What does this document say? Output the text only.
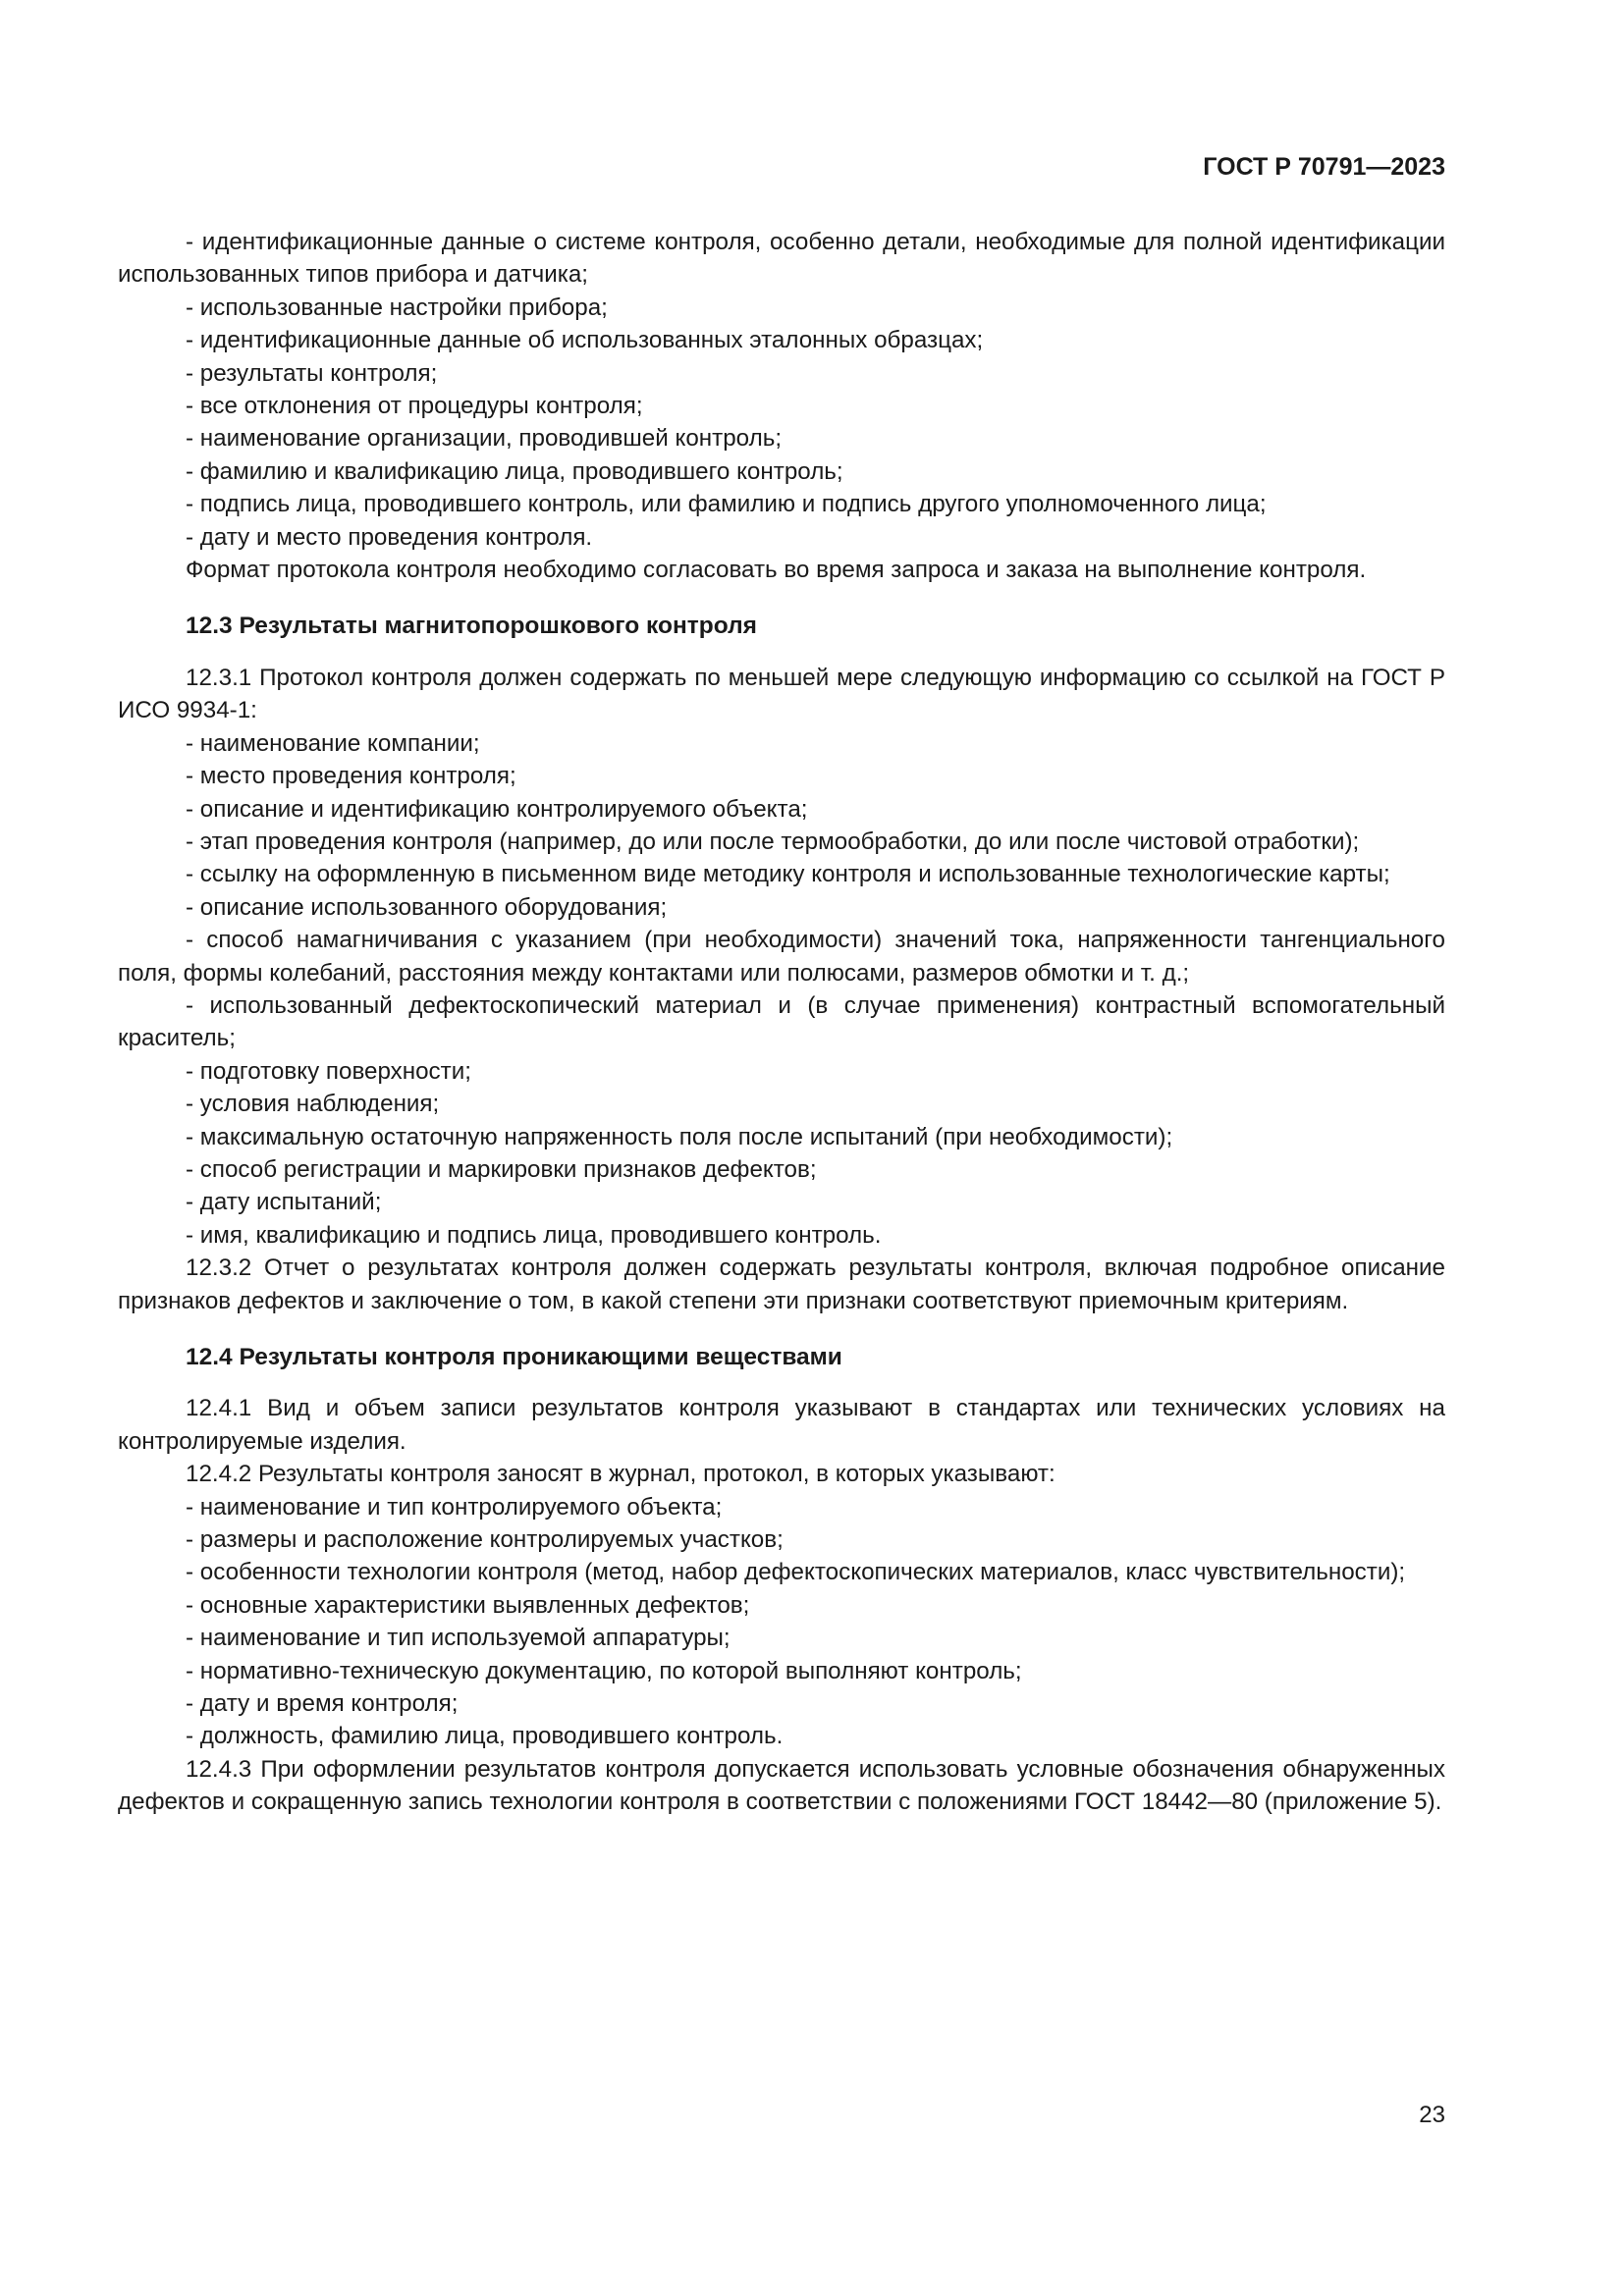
ГОСТ Р 70791—2023

- идентификационные данные о системе контроля, особенно детали, необходимые для полной идентификации использованных типов прибора и датчика;

- использованные настройки прибора;

- идентификационные данные об использованных эталонных образцах;

- результаты контроля;

- все отклонения от процедуры контроля;

- наименование организации, проводившей контроль;

- фамилию и квалификацию лица, проводившего контроль;

- подпись лица, проводившего контроль, или фамилию и подпись другого уполномоченного лица;

- дату и место проведения контроля.

Формат протокола контроля необходимо согласовать во время запроса и заказа на выполнение контроля.

12.3 Результаты магнитопорошкового контроля

12.3.1 Протокол контроля должен содержать по меньшей мере следующую информацию со ссылкой на ГОСТ Р ИСО 9934-1:

- наименование компании;

- место проведения контроля;

- описание и идентификацию контролируемого объекта;

- этап проведения контроля (например, до или после термообработки, до или после чистовой отработки);

- ссылку на оформленную в письменном виде методику контроля и использованные технологические карты;

- описание использованного оборудования;

- способ намагничивания с указанием (при необходимости) значений тока, напряженности тангенциального поля, формы колебаний, расстояния между контактами или полюсами, размеров обмотки и т. д.;

- использованный дефектоскопический материал и (в случае применения) контрастный вспомогательный краситель;

- подготовку поверхности;

- условия наблюдения;

- максимальную остаточную напряженность поля после испытаний (при необходимости);

- способ регистрации и маркировки признаков дефектов;

- дату испытаний;

- имя, квалификацию и подпись лица, проводившего контроль.

12.3.2 Отчет о результатах контроля должен содержать результаты контроля, включая подробное описание признаков дефектов и заключение о том, в какой степени эти признаки соответствуют приемочным критериям.

12.4 Результаты контроля проникающими веществами

12.4.1 Вид и объем записи результатов контроля указывают в стандартах или технических условиях на контролируемые изделия.

12.4.2 Результаты контроля заносят в журнал, протокол, в которых указывают:

- наименование и тип контролируемого объекта;

- размеры и расположение контролируемых участков;

- особенности технологии контроля (метод, набор дефектоскопических материалов, класс чувствительности);

- основные характеристики выявленных дефектов;

- наименование и тип используемой аппаратуры;

- нормативно-техническую документацию, по которой выполняют контроль;

- дату и время контроля;

- должность, фамилию лица, проводившего контроль.

12.4.3 При оформлении результатов контроля допускается использовать условные обозначения обнаруженных дефектов и сокращенную запись технологии контроля в соответствии с положениями ГОСТ 18442—80 (приложение 5).

23
